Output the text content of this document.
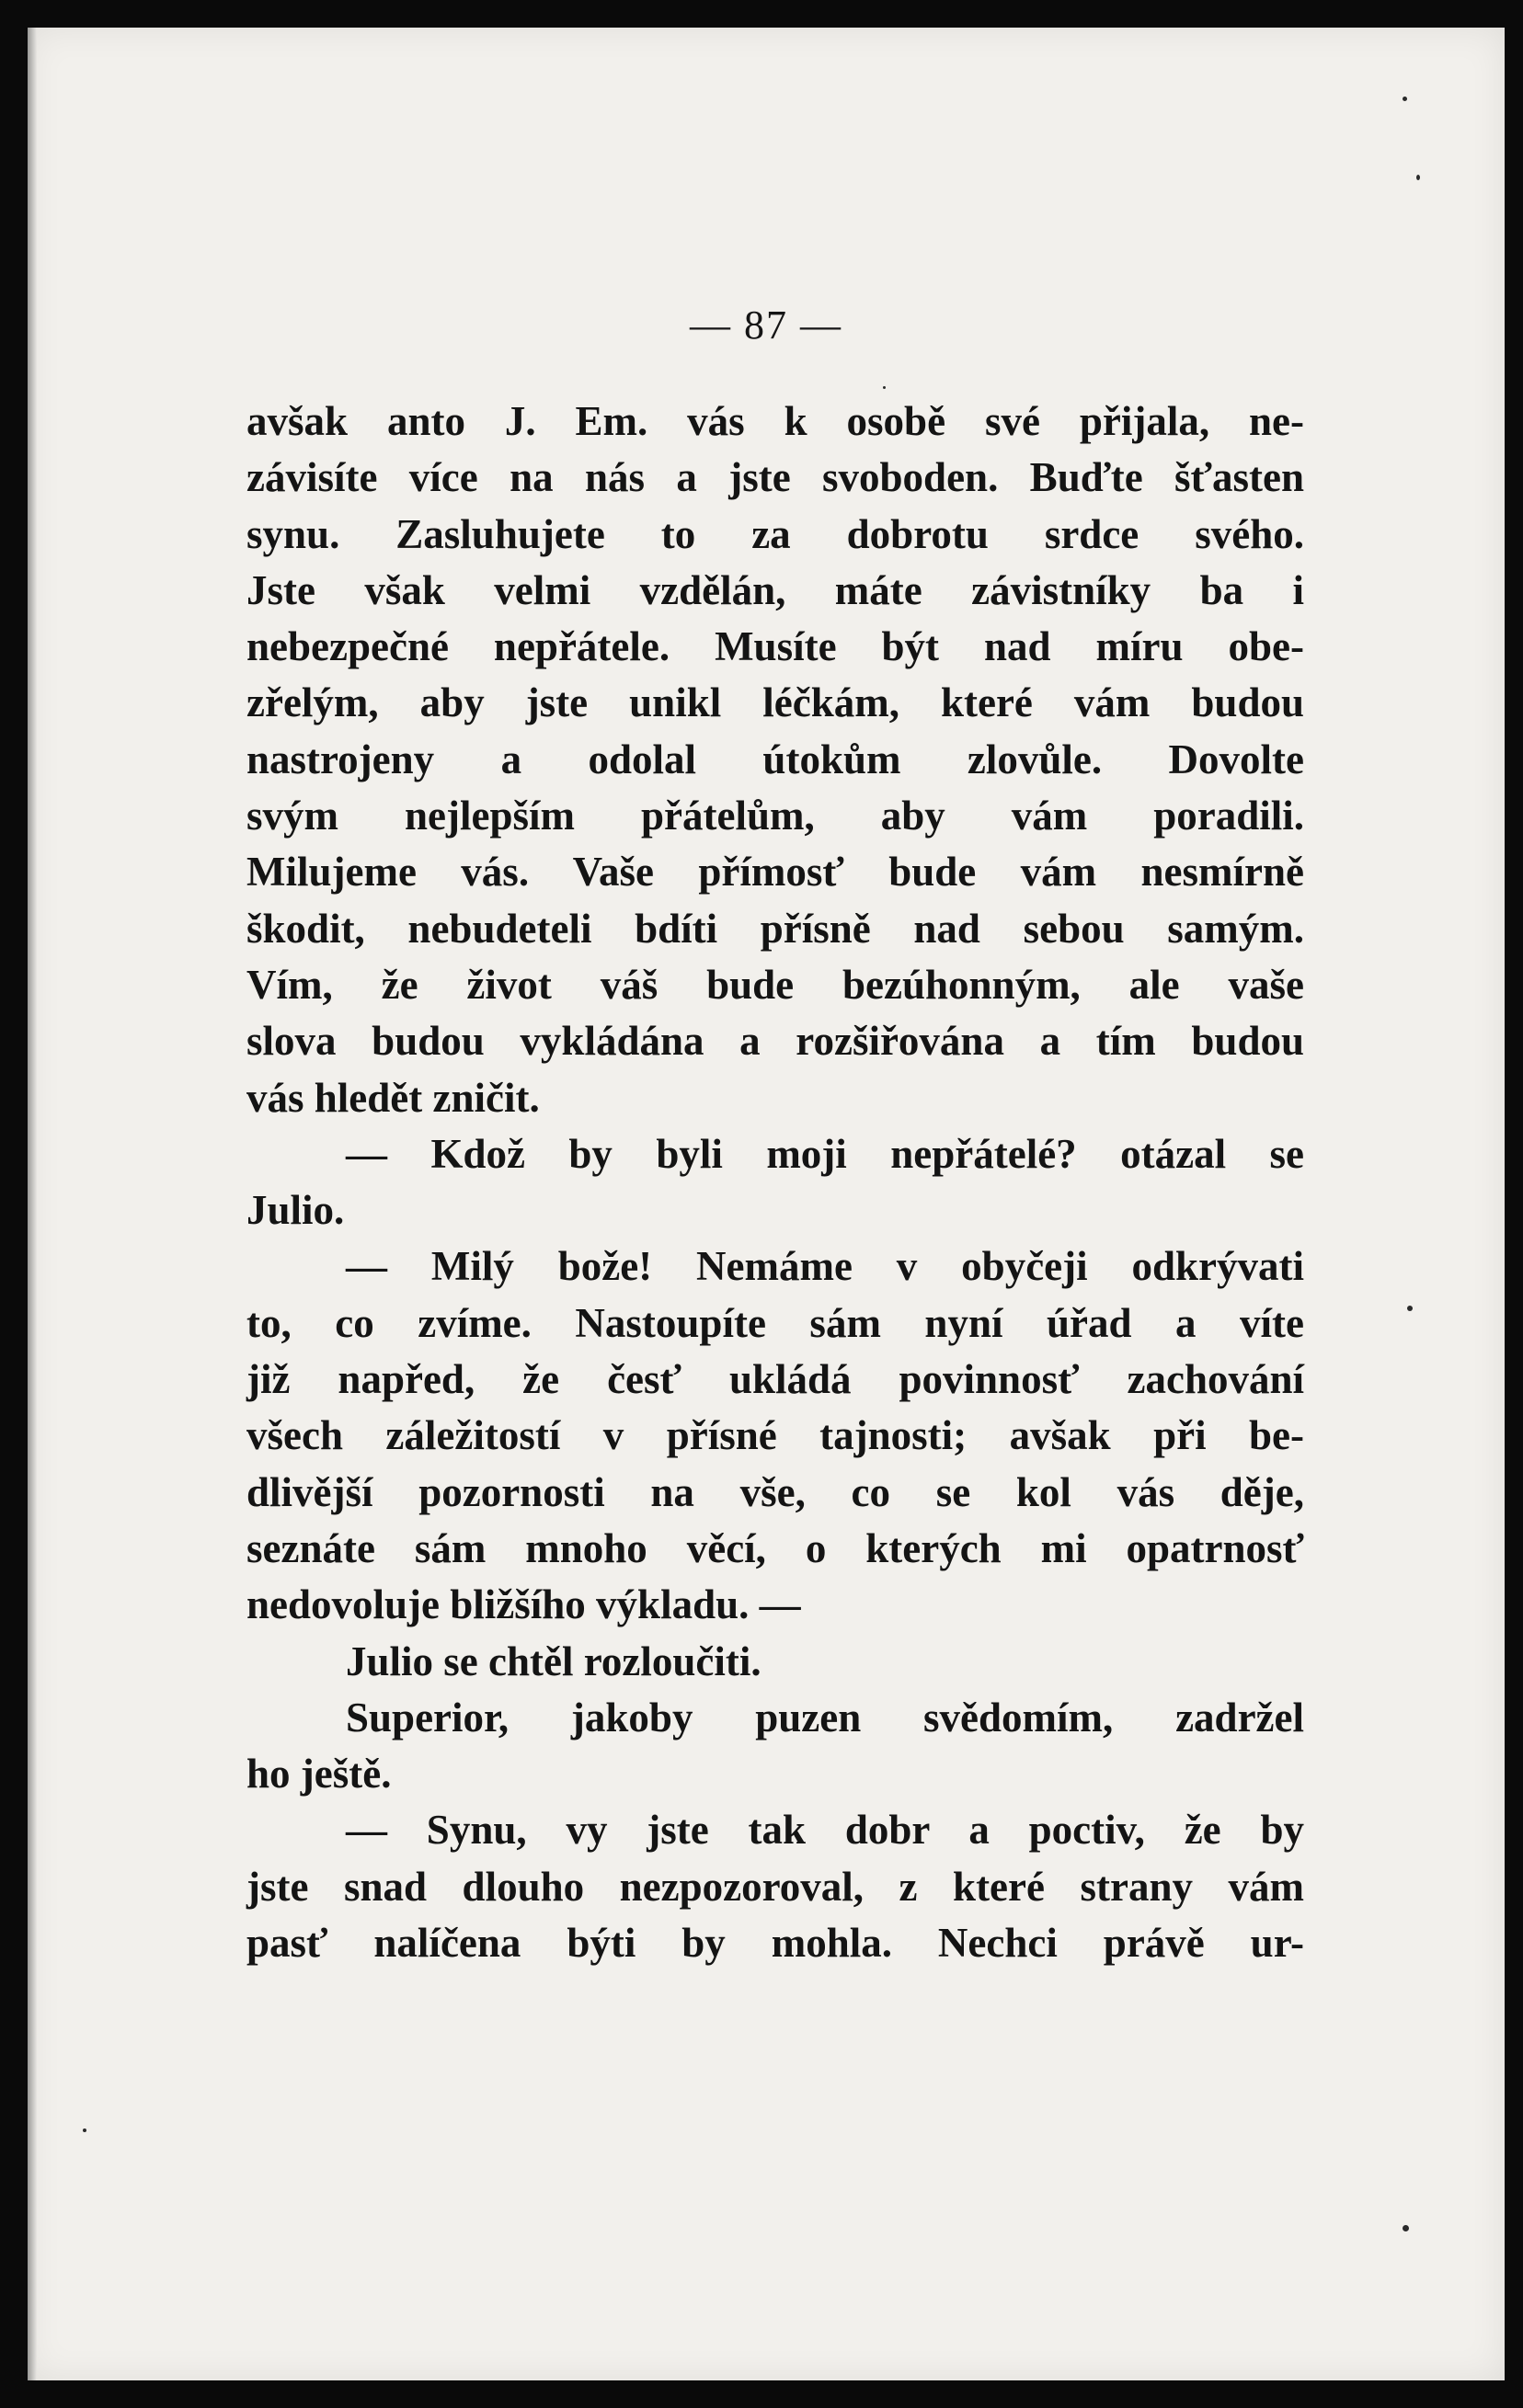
— 87 —
avšak anto J. Em. vás k osobě své přijala, ne-
závisíte více na nás a jste svoboden. Buďte šťasten
synu. Zasluhujete to za dobrotu srdce svého.
Jste však velmi vzdělán, máte závistníky ba i
nebezpečné nepřátele. Musíte být nad míru obe-
zřelým, aby jste unikl léčkám, které vám budou
nastrojeny a odolal útokům zlovůle. Dovolte
svým nejlepším přátelům, aby vám poradili.
Milujeme vás. Vaše přímosť bude vám nesmírně
škodit, nebudeteli bdíti přísně nad sebou samým.
Vím, že život váš bude bezúhonným, ale vaše
slova budou vykládána a rozšiřována a tím budou
vás hledět zničit.
— Kdož by byli moji nepřátelé? otázal se
Julio.
— Milý bože! Nemáme v obyčeji odkrývati
to, co zvíme. Nastoupíte sám nyní úřad a víte
již napřed, že česť ukládá povinnosť zachování
všech záležitostí v přísné tajnosti; avšak při be-
dlivější pozornosti na vše, co se kol vás děje,
seznáte sám mnoho věcí, o kterých mi opatrnosť
nedovoluje bližšího výkladu. —
Julio se chtěl rozloučiti.
Superior, jakoby puzen svědomím, zadržel
ho ještě.
— Synu, vy jste tak dobr a poctiv, že by
jste snad dlouho nezpozoroval, z které strany vám
pasť nalíčena býti by mohla. Nechci právě ur-
